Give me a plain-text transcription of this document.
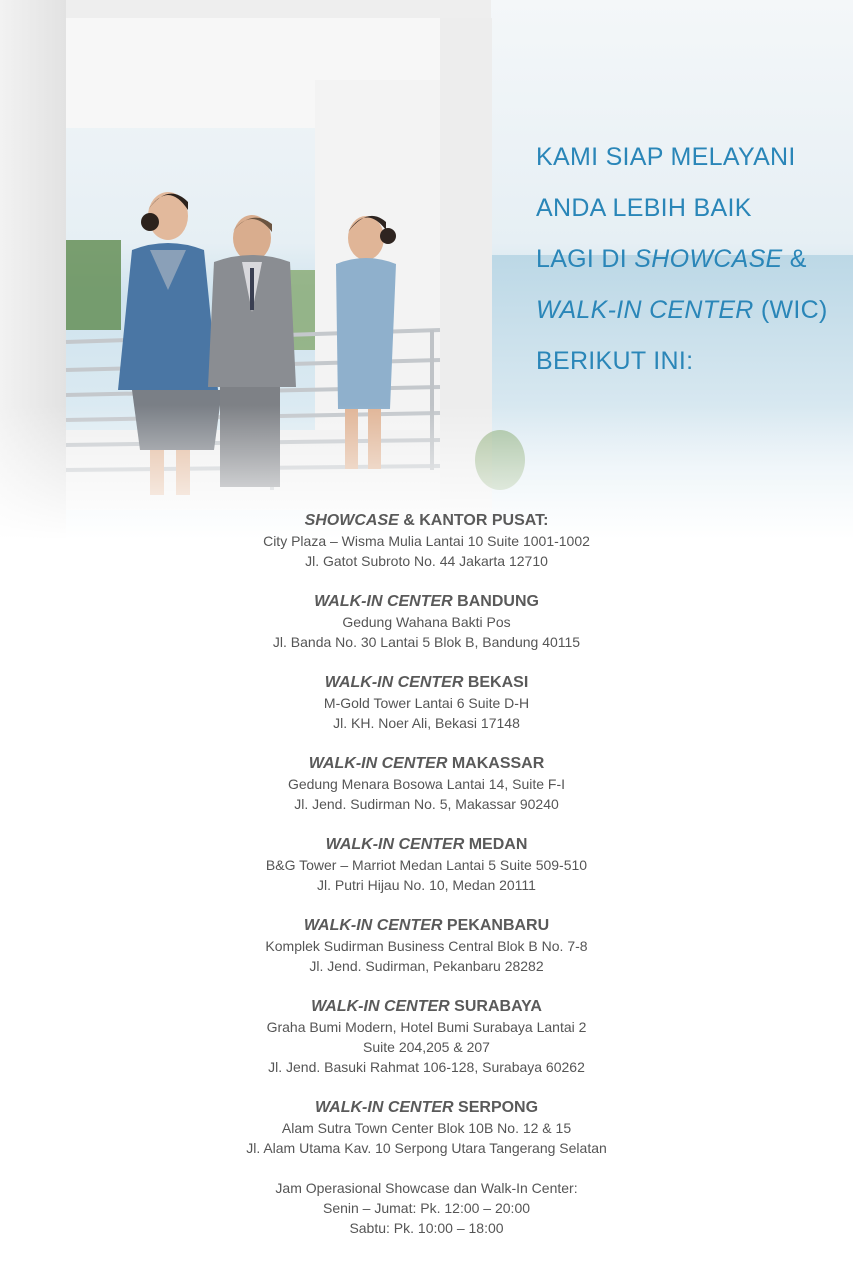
KAMI SIAP MELAYANI
ANDA LEBIH BAIK
LAGI DI SHOWCASE &
WALK-IN CENTER (WIC)
BERIKUT INI:
SHOWCASE & KANTOR PUSAT:
City Plaza – Wisma Mulia Lantai 10 Suite 1001-1002
Jl. Gatot Subroto No. 44 Jakarta 12710
WALK-IN CENTER BANDUNG
Gedung Wahana Bakti Pos
Jl. Banda No. 30 Lantai 5 Blok B, Bandung 40115
WALK-IN CENTER BEKASI
M-Gold Tower Lantai 6 Suite D-H
Jl. KH. Noer Ali, Bekasi 17148
WALK-IN CENTER MAKASSAR
Gedung Menara Bosowa Lantai 14, Suite F-I
Jl. Jend. Sudirman No. 5, Makassar 90240
WALK-IN CENTER MEDAN
B&G Tower – Marriot Medan Lantai 5 Suite 509-510
Jl. Putri Hijau No. 10, Medan 20111
WALK-IN CENTER PEKANBARU
Komplek Sudirman Business Central Blok B No. 7-8
Jl. Jend. Sudirman, Pekanbaru 28282
WALK-IN CENTER SURABAYA
Graha Bumi Modern, Hotel Bumi Surabaya Lantai 2
Suite 204,205 & 207
Jl. Jend. Basuki Rahmat 106-128, Surabaya 60262
WALK-IN CENTER SERPONG
Alam Sutra Town Center Blok 10B No. 12 & 15
Jl. Alam Utama Kav. 10 Serpong Utara Tangerang Selatan
Jam Operasional Showcase dan Walk-In Center:
Senin – Jumat: Pk. 12:00 – 20:00
Sabtu: Pk. 10:00 – 18:00
